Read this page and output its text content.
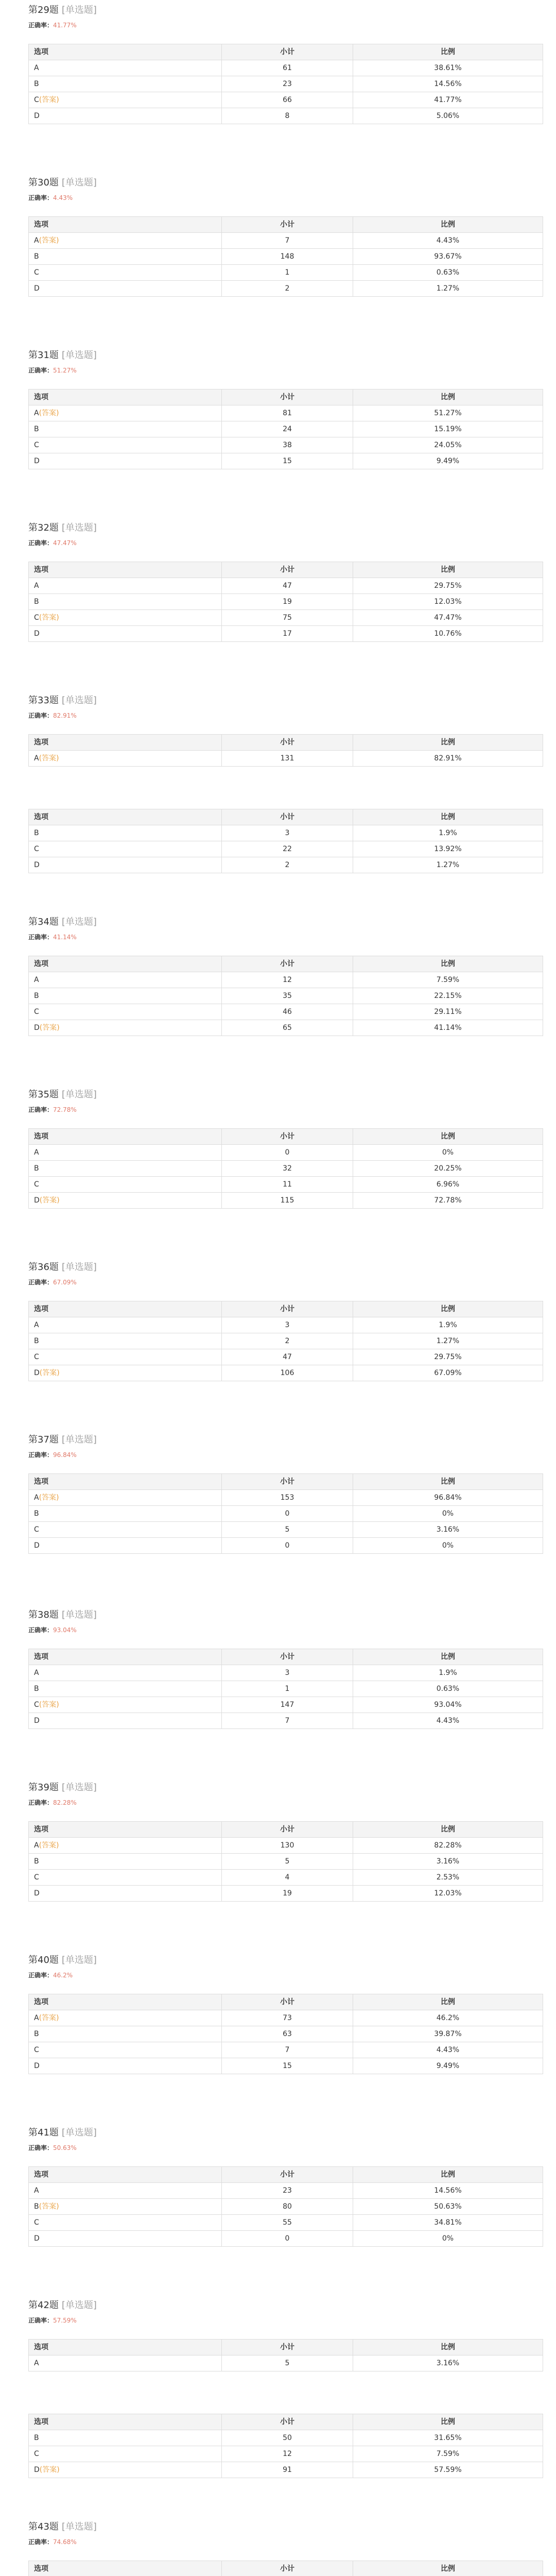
第29题 [单选题]
正确率：41.77%
选项	小计	比例
A	61	38.61%
B	23	14.56%
C(答案)	66	41.77%
D	8	5.06%
第30题 [单选题]
正确率：4.43%
选项	小计	比例
A(答案)	7	4.43%
B	148	93.67%
C	1	0.63%
D	2	1.27%
第31题 [单选题]
正确率：51.27%
选项	小计	比例
A(答案)	81	51.27%
B	24	15.19%
C	38	24.05%
D	15	9.49%
第32题 [单选题]
正确率：47.47%
选项	小计	比例
A	47	29.75%
B	19	12.03%
C(答案)	75	47.47%
D	17	10.76%
第33题 [单选题]
正确率：82.91%
选项	小计	比例
A(答案)	131	82.91%
选项	小计	比例
B	3	1.9%
C	22	13.92%
D	2	1.27%
第34题 [单选题]
正确率：41.14%
选项	小计	比例
A	12	7.59%
B	35	22.15%
C	46	29.11%
D(答案)	65	41.14%
第35题 [单选题]
正确率：72.78%
选项	小计	比例
A	0	0%
B	32	20.25%
C	11	6.96%
D(答案)	115	72.78%
第36题 [单选题]
正确率：67.09%
选项	小计	比例
A	3	1.9%
B	2	1.27%
C	47	29.75%
D(答案)	106	67.09%
第37题 [单选题]
正确率：96.84%
选项	小计	比例
A(答案)	153	96.84%
B	0	0%
C	5	3.16%
D	0	0%
第38题 [单选题]
正确率：93.04%
选项	小计	比例
A	3	1.9%
B	1	0.63%
C(答案)	147	93.04%
D	7	4.43%
第39题 [单选题]
正确率：82.28%
选项	小计	比例
A(答案)	130	82.28%
B	5	3.16%
C	4	2.53%
D	19	12.03%
第40题 [单选题]
正确率：46.2%
选项	小计	比例
A(答案)	73	46.2%
B	63	39.87%
C	7	4.43%
D	15	9.49%
第41题 [单选题]
正确率：50.63%
选项	小计	比例
A	23	14.56%
B(答案)	80	50.63%
C	55	34.81%
D	0	0%
第42题 [单选题]
正确率：57.59%
选项	小计	比例
A	5	3.16%
选项	小计	比例
B	50	31.65%
C	12	7.59%
D(答案)	91	57.59%
第43题 [单选题]
正确率：74.68%
选项	小计	比例
